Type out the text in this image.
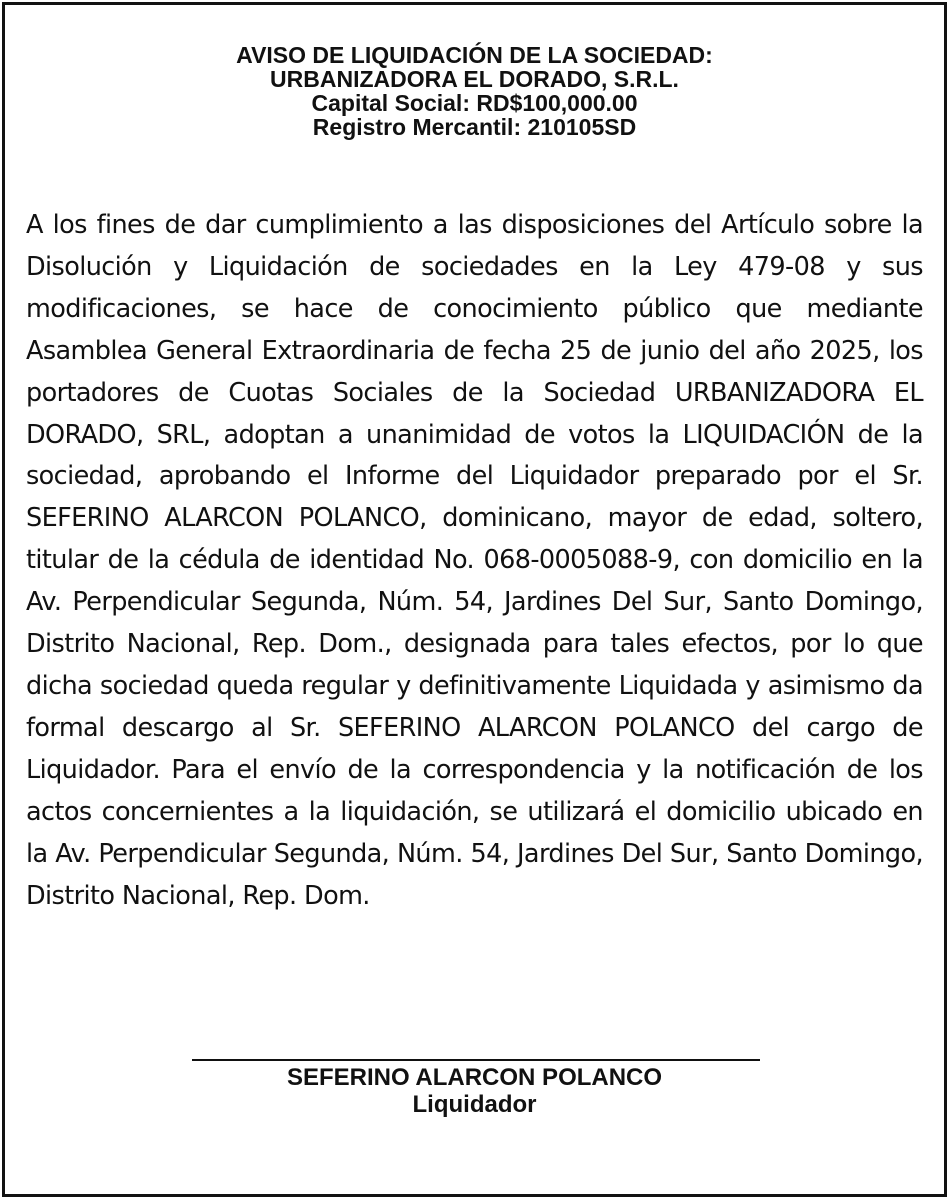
AVISO DE LIQUIDACIÓN DE LA SOCIEDAD:
URBANIZADORA EL DORADO, S.R.L.
Capital Social: RD$100,000.00
Registro Mercantil: 210105SD
A los fines de dar cumplimiento a las disposiciones del Artículo sobre la Disolución y Liquidación de sociedades en la Ley 479-08 y sus modificaciones, se hace de conocimiento público que mediante Asamblea General Extraordinaria de fecha 25 de junio del año 2025, los portadores de Cuotas Sociales de la Sociedad URBANIZADORA EL DORADO, SRL, adoptan a unanimidad de votos la LIQUIDACIÓN de la sociedad, aprobando el Informe del Liquidador preparado por el Sr. SEFERINO ALARCON POLANCO, dominicano, mayor de edad, soltero, titular de la cédula de identidad No. 068-0005088-9, con domicilio en la Av. Perpendicular Segunda, Núm. 54, Jardines Del Sur, Santo Domingo, Distrito Nacional, Rep. Dom., designada para tales efectos, por lo que dicha sociedad queda regular y definitivamente Liquidada y asimismo da formal descargo al Sr. SEFERINO ALARCON POLANCO del cargo de Liquidador. Para el envío de la correspondencia y la notificación de los actos concernientes a la liquidación, se utilizará el domicilio ubicado en la Av. Perpendicular Segunda, Núm. 54, Jardines Del Sur, Santo Domingo, Distrito Nacional, Rep. Dom.
SEFERINO ALARCON POLANCO
Liquidador
